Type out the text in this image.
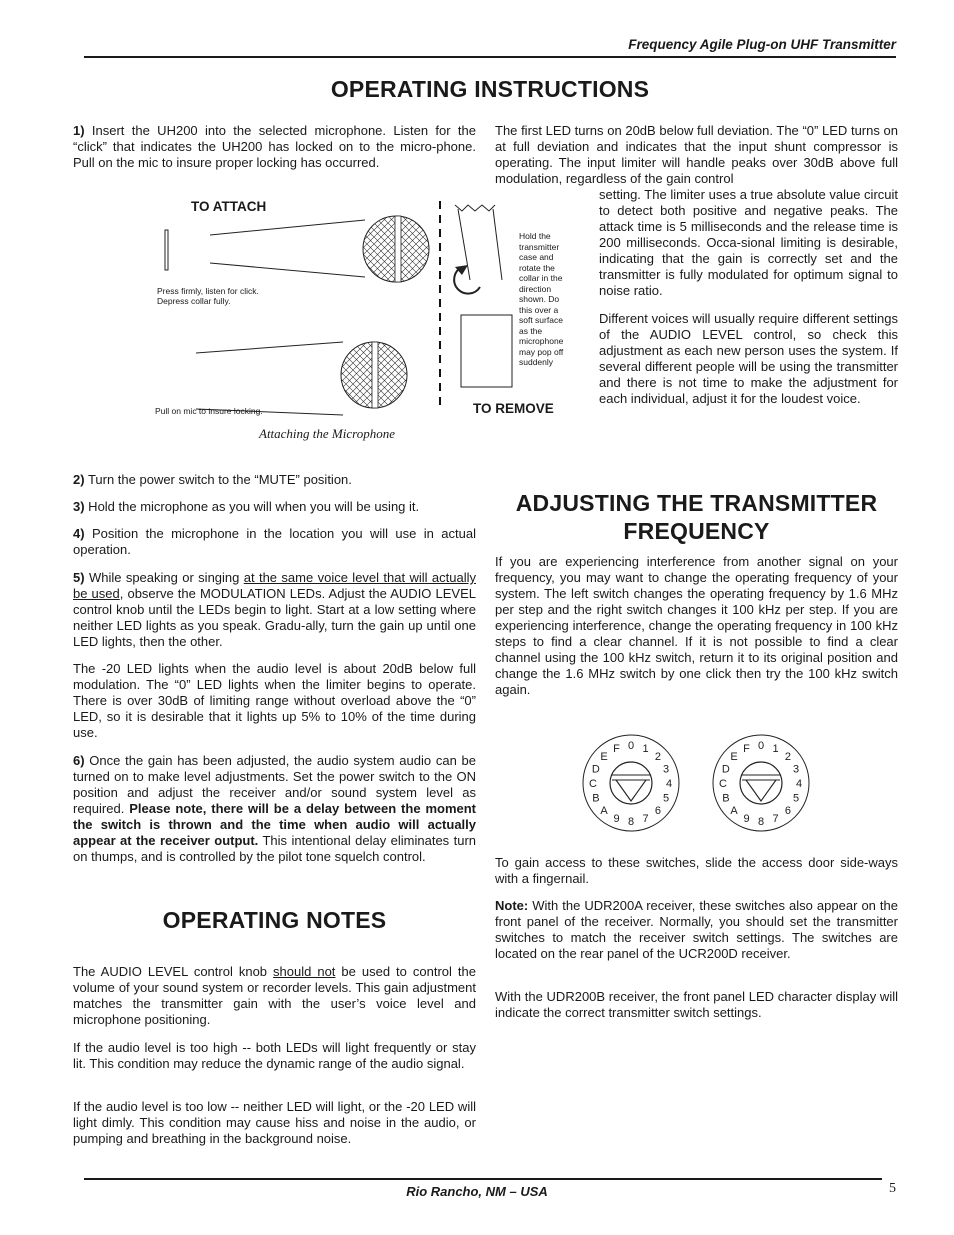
Frequency Agile Plug-on UHF Transmitter
OPERATING INSTRUCTIONS

1) Insert the UH200 into the selected microphone. Listen for the “click” that indicates the UH200 has locked on to the micro-phone. Pull on the mic to insure proper locking has occurred.

The first LED turns on 20dB below full deviation. The “0” LED turns on at full deviation and indicates that the input shunt compressor is operating. The input limiter will handle peaks over 30dB above full modulation, regardless of the gain control

setting. The limiter uses a true absolute value circuit to detect both positive and negative peaks. The attack time is 5 milliseconds and the release time is 200 milliseconds. Occa-sional limiting is desirable, indicating that the gain is correctly set and the transmitter is fully modulated for optimum signal to noise ratio.

Different voices will usually require different settings of the AUDIO LEVEL control, so check this adjustment as each new person uses the system. If several different people will be using the transmitter and there is not time to make the adjustment for each individual, adjust it for the loudest voice.

TO ATTACH
TO REMOVE
Press firmly, listen for click.
Depress collar fully.
Pull on mic to insure locking.
Hold the
transmitter
case and
rotate the
collar in the
direction
shown. Do
this over a
soft surface
as the
microphone
may pop off
suddenly
Attaching the Microphone

2) Turn the power switch to the “MUTE” position.

3) Hold the microphone as you will when you will be using it.

4) Position the microphone in the location you will use in actual operation.

5) While speaking or singing at the same voice level that will actually be used, observe the MODULATION LEDs. Adjust the AUDIO LEVEL control knob until the LEDs begin to light. Start at a low setting where neither LED lights as you speak. Gradu-ally, turn the gain up until one LED lights, then the other.

The -20 LED lights when the audio level is about 20dB below full modulation. The “0” LED lights when the limiter begins to operate. There is over 30dB of limiting range without overload above the “0” LED, so it is desirable that it lights up 5% to 10% of the time during use.

6) Once the gain has been adjusted, the audio system audio can be turned on to make level adjustments. Set the power switch to the ON position and adjust the receiver and/or sound system level as required. Please note, there will be a delay between the moment the switch is thrown and the time when audio will actually appear at the receiver output. This intentional delay eliminates turn on thumps, and is controlled by the pilot tone squelch control.

OPERATING NOTES

The AUDIO LEVEL control knob should not be used to control the volume of your sound system or recorder levels. This gain adjustment matches the transmitter gain with the user’s voice level and microphone positioning.

If the audio level is too high -- both LEDs will light frequently or stay lit. This condition may reduce the dynamic range of the audio signal.

If the audio level is too low -- neither LED will light, or the -20 LED will light dimly. This condition may cause hiss and noise in the audio, or pumping and breathing in the background noise.

ADJUSTING THE TRANSMITTER
FREQUENCY

If you are experiencing interference from another signal on your frequency, you may want to change the operating frequency of your system. The left switch changes the operating frequency by 1.6 MHz per step and the right switch changes it 100 kHz per step. If you are experiencing interference, change the operating frequency in 100 kHz steps to find a clear channel. If it is not possible to find a clear channel using the 100 kHz switch, return it to its original position and change the 1.6 MHz switch by one click then try the 100 kHz switch again.

0 1
2
3
4
5
6
7
8
9
A
B
C
D
E
F	0 1
2
3
4
5
6
7
8
9
A
B
C
D
E
F

To gain access to these switches, slide the access door side-ways with a fingernail.

Note: With the UDR200A receiver, these switches also appear on the front panel of the receiver. Normally, you should set the transmitter switches to match the receiver switch settings. The switches are located on the rear panel of the UCR200D receiver.

With the UDR200B receiver, the front panel LED character display will indicate the correct transmitter switch settings.

Rio Rancho, NM – USA	5
